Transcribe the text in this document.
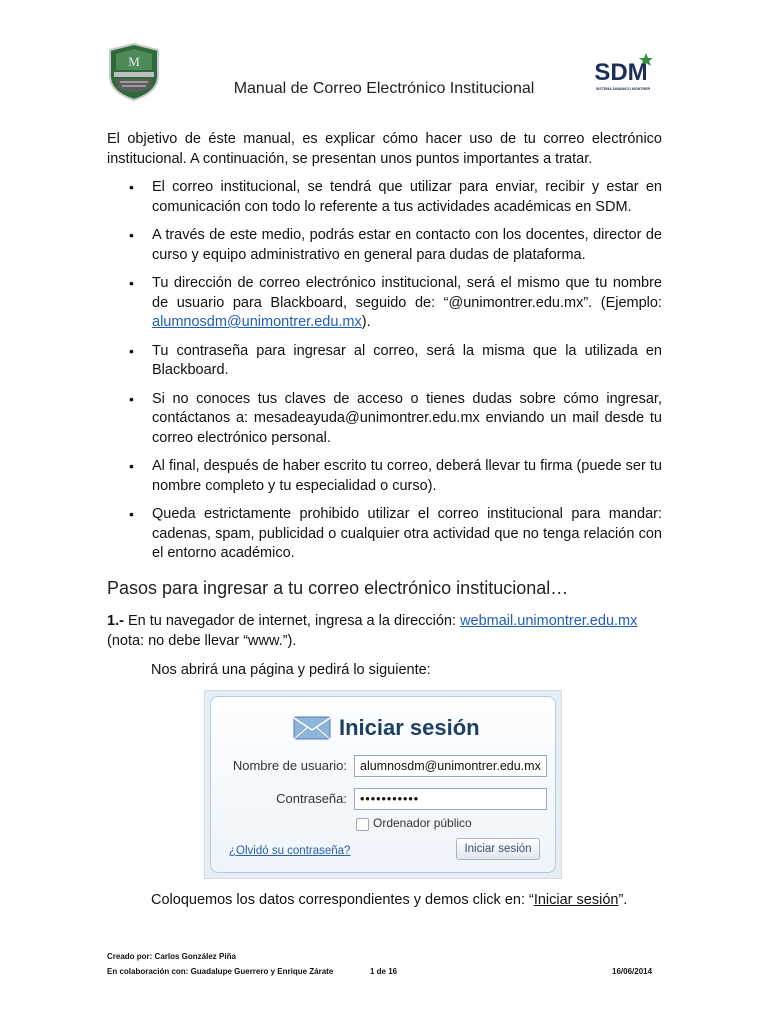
M	SDM
SISTEMA DINÁMICO MONTRER
Manual de Correo Electrónico Institucional
El objetivo de éste manual, es explicar cómo hacer uso de tu correo electrónico institucional. A continuación, se presentan unos puntos importantes a tratar.
• El correo institucional, se tendrá que utilizar para enviar, recibir y estar en comunicación con todo lo referente a tus actividades académicas en SDM.
• A través de este medio, podrás estar en contacto con los docentes, director de curso y equipo administrativo en general para dudas de plataforma.
• Tu dirección de correo electrónico institucional, será el mismo que tu nombre de usuario para Blackboard, seguido de: “@unimontrer.edu.mx”. (Ejemplo: alumnosdm@unimontrer.edu.mx).
• Tu contraseña para ingresar al correo, será la misma que la utilizada en Blackboard.
• Si no conoces tus claves de acceso o tienes dudas sobre cómo ingresar, contáctanos a: mesadeayuda@unimontrer.edu.mx enviando un mail desde tu correo electrónico personal.
• Al final, después de haber escrito tu correo, deberá llevar tu firma (puede ser tu nombre completo y tu especialidad o curso).
• Queda estrictamente prohibido utilizar el correo institucional para mandar: cadenas, spam, publicidad o cualquier otra actividad que no tenga relación con el entorno académico.
Pasos para ingresar a tu correo electrónico institucional…
1.- En tu navegador de internet, ingresa a la dirección: webmail.unimontrer.edu.mx
(nota: no debe llevar “www.”).
Nos abrirá una página y pedirá lo siguiente:
Iniciar sesión
Nombre de usuario:	alumnosdm@unimontrer.edu.mx
Contraseña:	•••••••••••
Ordenador público
¿Olvidó su contraseña?	Iniciar sesión
Coloquemos los datos correspondientes y demos click en: “Iniciar sesión”.
Creado por: Carlos González Piña
En colaboración con: Guadalupe Guerrero y Enrique Zárate	1 de 16	16/06/2014
